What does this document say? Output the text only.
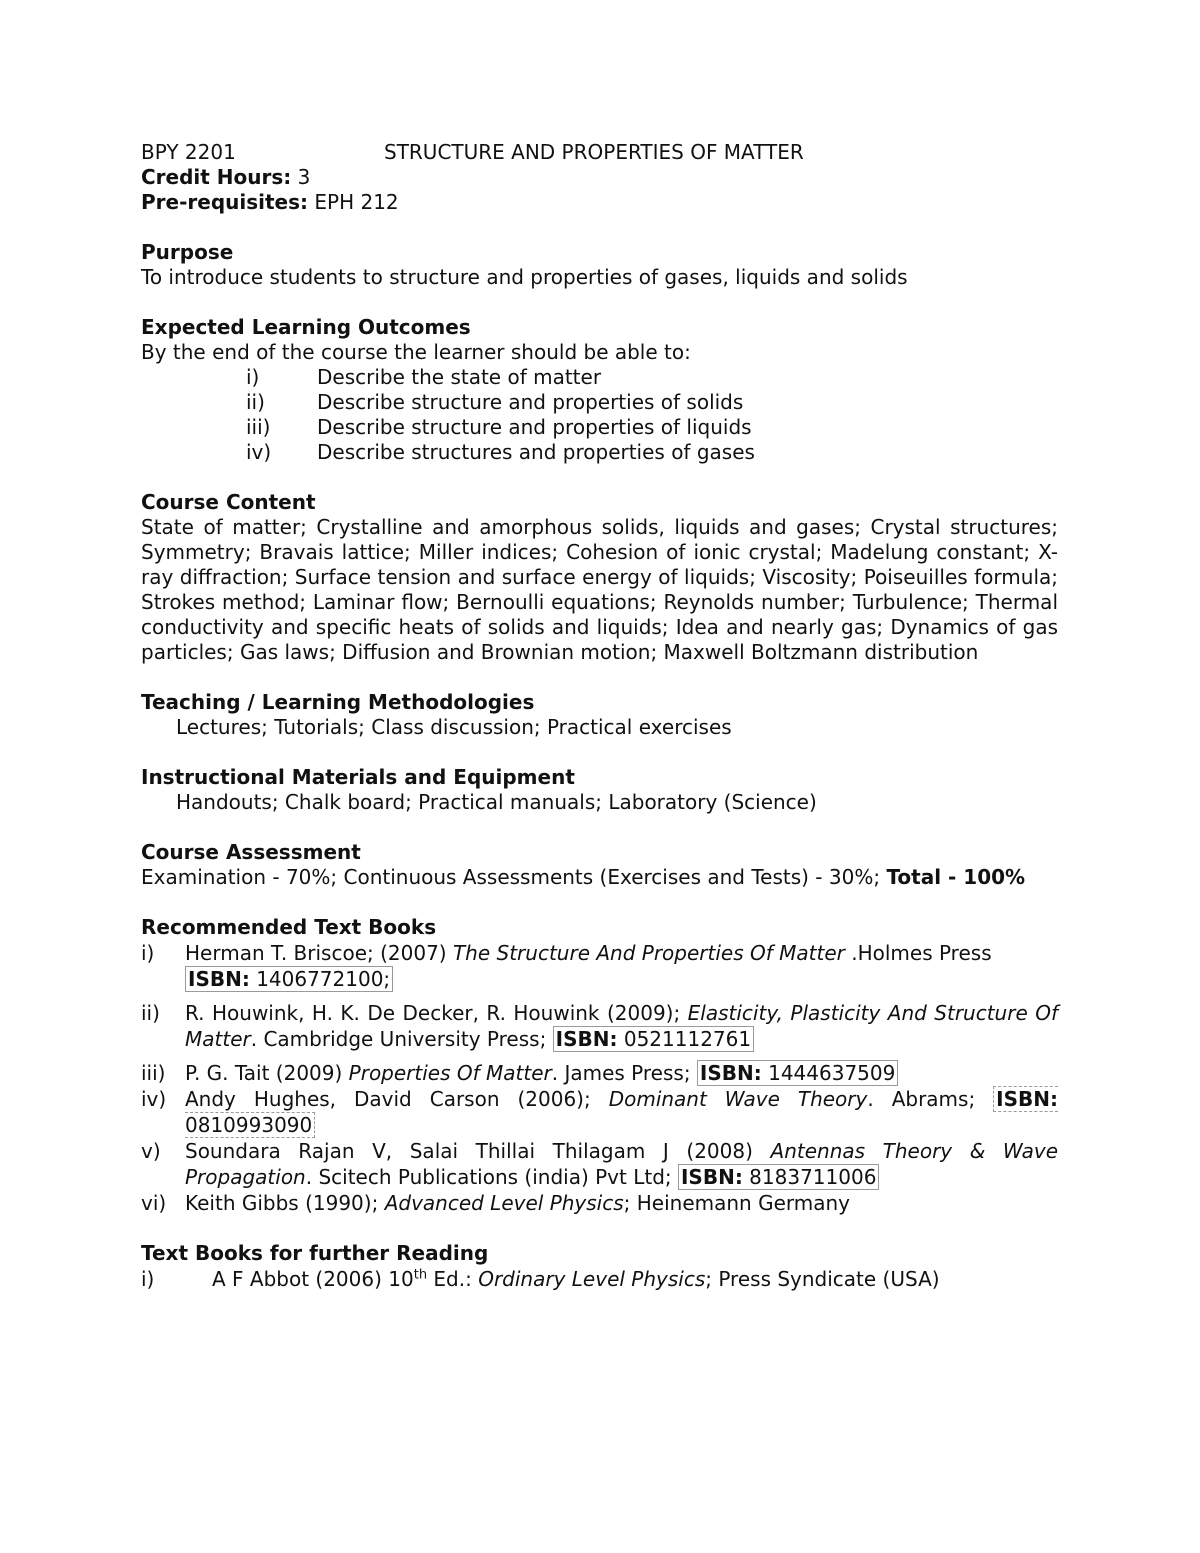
BPY 2201	STRUCTURE AND PROPERTIES OF MATTER
Credit Hours: 3
Pre-requisites: EPH 212
Purpose
To introduce students to structure and properties of gases, liquids and solids
Expected Learning Outcomes
By the end of the course the learner should be able to:
i)	Describe the state of matter
ii)	Describe structure and properties of solids
iii)	Describe structure and properties of liquids
iv)	Describe structures and properties of gases
Course Content
State of matter; Crystalline and amorphous solids, liquids and gases; Crystal structures; Symmetry; Bravais lattice; Miller indices; Cohesion of ionic crystal; Madelung constant; X-ray diffraction; Surface tension and surface energy of liquids; Viscosity; Poiseuilles formula; Strokes method; Laminar flow; Bernoulli equations; Reynolds number; Turbulence; Thermal conductivity and specific heats of solids and liquids; Idea and nearly gas; Dynamics of gas particles; Gas laws; Diffusion and Brownian motion; Maxwell Boltzmann distribution
Teaching / Learning Methodologies
Lectures; Tutorials; Class discussion; Practical exercises
Instructional Materials and Equipment
Handouts; Chalk board; Practical manuals; Laboratory (Science)
Course Assessment
Examination - 70%; Continuous Assessments (Exercises and Tests) - 30%; Total - 100%
Recommended Text Books
i)	Herman T. Briscoe; (2007) The Structure And Properties Of Matter .Holmes Press
ISBN: 1406772100;
ii)	R. Houwink, H. K. De Decker, R. Houwink (2009); Elasticity, Plasticity And Structure Of Matter. Cambridge University Press; ISBN: 0521112761
iii) P. G. Tait (2009) Properties Of Matter. James Press; ISBN: 1444637509
iv) Andy Hughes, David Carson (2006); Dominant Wave Theory. Abrams; ISBN: 0810993090
v)	Soundara Rajan V, Salai Thillai Thilagam J (2008) Antennas Theory & Wave Propagation. Scitech Publications (india) Pvt Ltd; ISBN: 8183711006
vi) Keith Gibbs (1990); Advanced Level Physics; Heinemann Germany
Text Books for further Reading
i)	A F Abbot (2006) 10th Ed.: Ordinary Level Physics; Press Syndicate (USA)
